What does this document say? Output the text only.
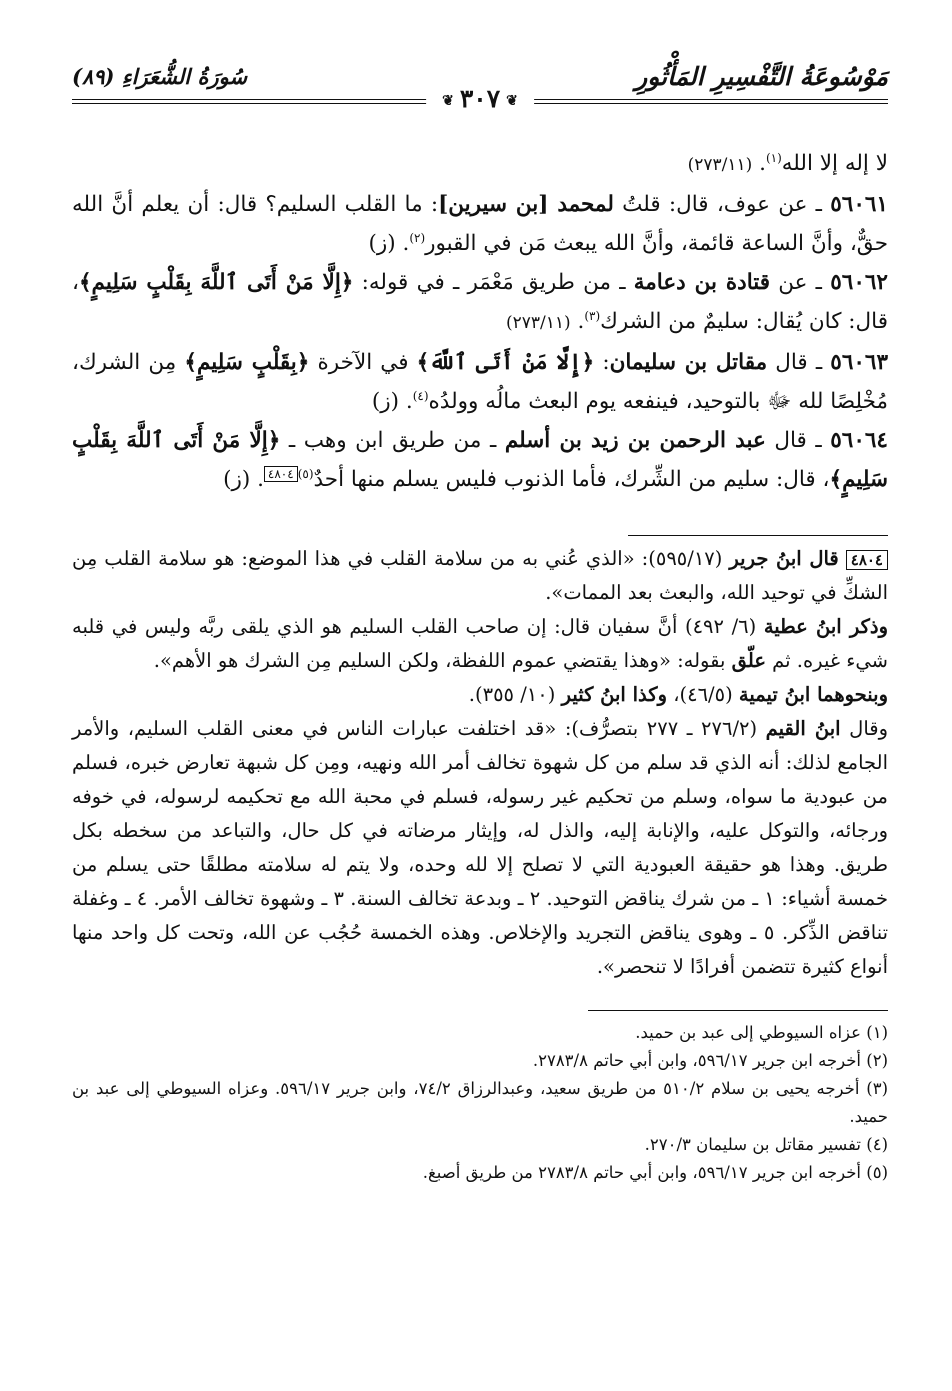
مَوْسُوعَةُ التَّفْسِيرِ المَأْثُورِ
سُورَةُ الشُّعَرَاءِ (٨٩)
❦٣٠٧❦

لا إله إلا الله$^{(١)}$. (٢٧٣/١١)

٥٦٠٦١ ـ عن عوف، قال: قلتُ لمحمد [بن سيرين]: ما القلب السليم؟ قال: أن يعلم أنَّ الله حقٌّ، وأنَّ الساعة قائمة، وأنَّ الله يبعث مَن في القبور$^{(٢)}$. (ز)

٥٦٠٦٢ ـ عن قتادة بن دعامة ـ من طريق مَعْمَر ـ في قوله: ﴿إِلَّا مَنْ أَتَى ٱللَّهَ بِقَلْبٍ سَلِيمٍ﴾، قال: كان يُقال: سليمٌ من الشرك$^{(٣)}$. (٢٧٣/١١)

٥٦٠٦٣ ـ قال مقاتل بن سليمان: ﴿إِلَّا مَنْ أَتَى ٱللَّهَ﴾ في الآخرة ﴿بِقَلْبٍ سَلِيمٍ﴾ مِن الشرك، مُخْلِصًا لله ﷻ بالتوحيد، فينفعه يوم البعث مالُه وولدُه$^{(٤)}$. (ز)

٥٦٠٦٤ ـ قال عبد الرحمن بن زيد بن أسلم ـ من طريق ابن وهب ـ ﴿إِلَّا مَنْ أَتَى ٱللَّهَ بِقَلْبٍ سَلِيمٍ﴾، قال: سليم من الشِّرك، فأما الذنوب فليس يسلم منها أحدٌ$^{(٥)}$٤٨٠٤. (ز)

٤٨٠٤ قال ابنُ جرير (٥٩٥/١٧): «الذي عُني به من سلامة القلب في هذا الموضع: هو سلامة القلب مِن الشكِّ في توحيد الله، والبعث بعد الممات».

وذكر ابنُ عطية (٦/ ٤٩٢) أنَّ سفيان قال: إن صاحب القلب السليم هو الذي يلقى ربَّه وليس في قلبه شيء غيره. ثم علّق بقوله: «وهذا يقتضي عموم اللفظة، ولكن السليم مِن الشرك هو الأهم».

وبنحوهما ابنُ تيمية (٤٦/٥)، وكذا ابنُ كثير (١٠/ ٣٥٥).

وقال ابنُ القيم (٢٧٦/٢ ـ ٢٧٧ بتصرُّف): «قد اختلفت عبارات الناس في معنى القلب السليم، والأمر الجامع لذلك: أنه الذي قد سلم من كل شهوة تخالف أمر الله ونهيه، ومِن كل شبهة تعارض خبره، فسلم من عبودية ما سواه، وسلم من تحكيم غير رسوله، فسلم في محبة الله مع تحكيمه لرسوله، في خوفه ورجائه، والتوكل عليه، والإنابة إليه، والذل له، وإيثار مرضاته في كل حال، والتباعد من سخطه بكل طريق. وهذا هو حقيقة العبودية التي لا تصلح إلا لله وحده، ولا يتم له سلامته مطلقًا حتى يسلم من خمسة أشياء: ١ ـ من شرك يناقض التوحيد. ٢ ـ وبدعة تخالف السنة. ٣ ـ وشهوة تخالف الأمر. ٤ ـ وغفلة تناقض الذِّكر. ٥ ـ وهوى يناقض التجريد والإخلاص. وهذه الخمسة حُجُب عن الله، وتحت كل واحد منها أنواع كثيرة تتضمن أفرادًا لا تنحصر».

(١) عزاه السيوطي إلى عبد بن حميد.

(٢) أخرجه ابن جرير ٥٩٦/١٧، وابن أبي حاتم ٢٧٨٣/٨.

(٣) أخرجه يحيى بن سلام ٥١٠/٢ من طريق سعيد، وعبدالرزاق ٧٤/٢، وابن جرير ٥٩٦/١٧. وعزاه السيوطي إلى عبد بن حميد.

(٤) تفسير مقاتل بن سليمان ٢٧٠/٣.

(٥) أخرجه ابن جرير ٥٩٦/١٧، وابن أبي حاتم ٢٧٨٣/٨ من طريق أصبغ.
